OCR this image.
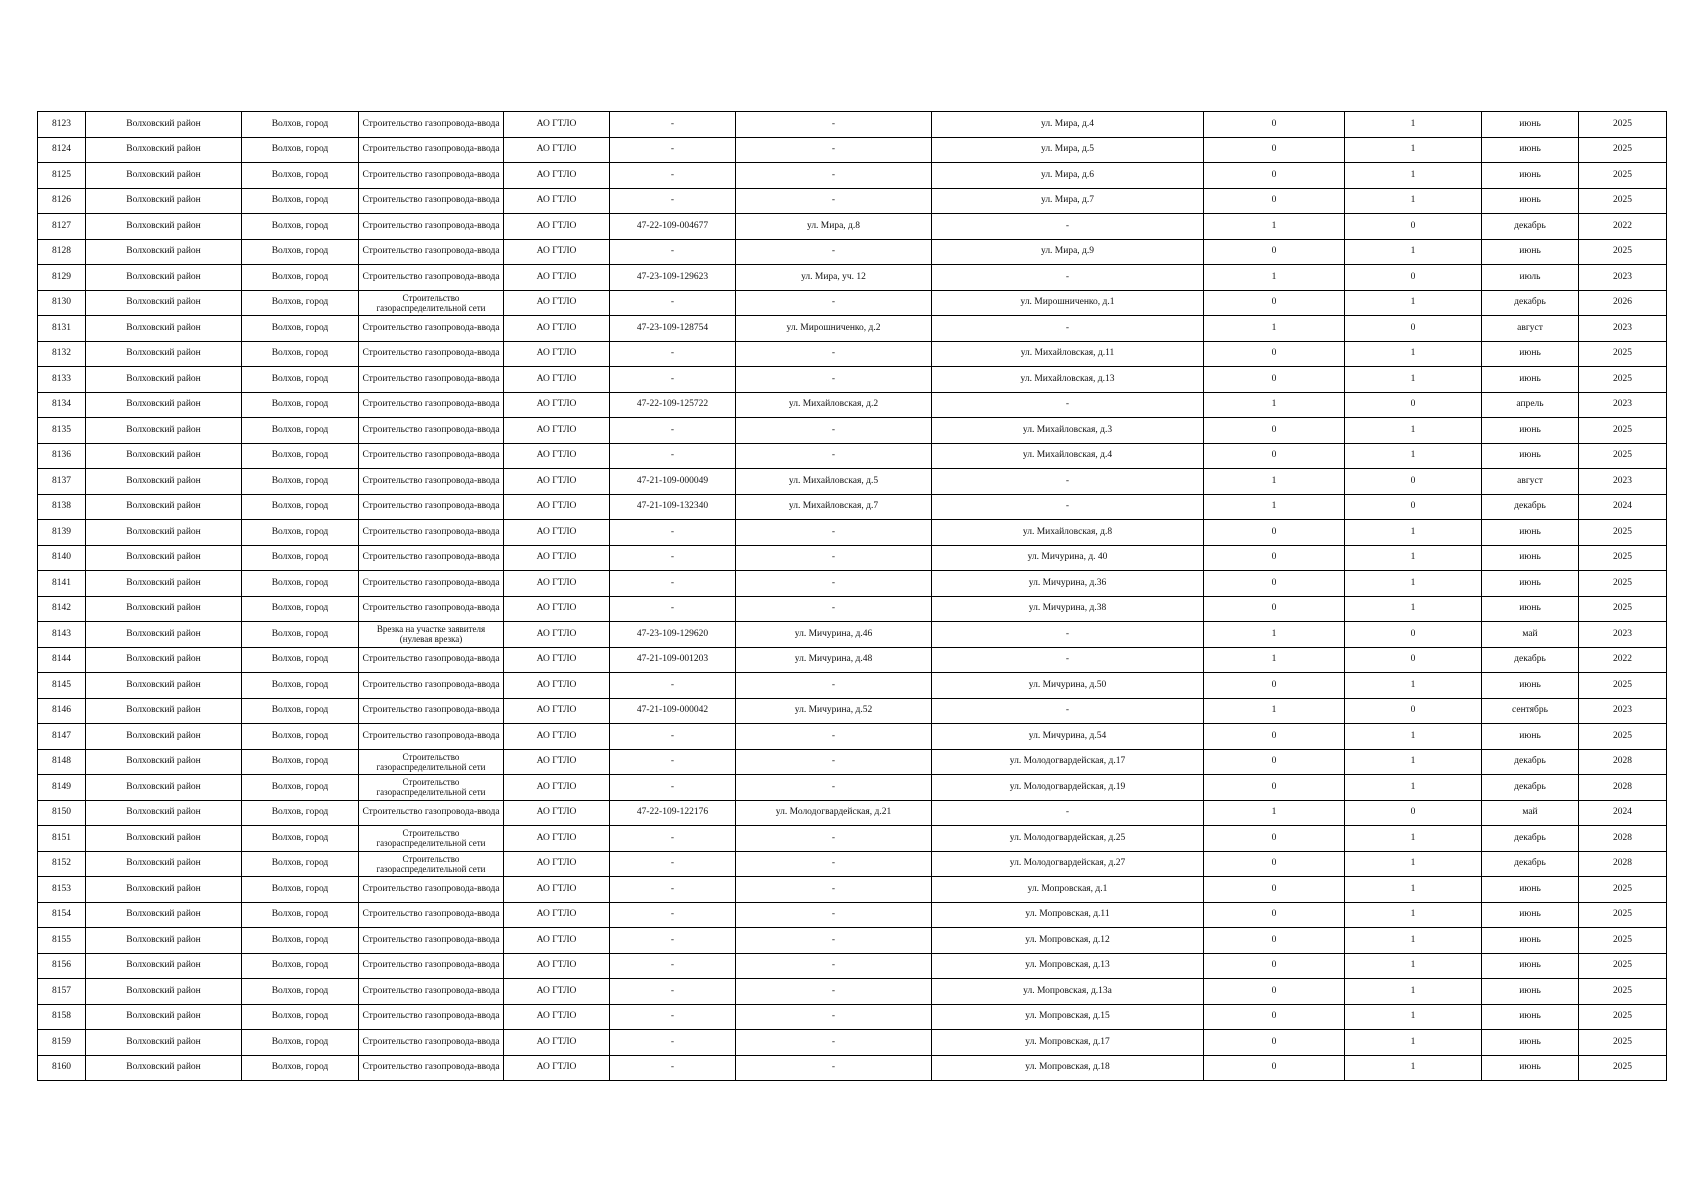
8123	Волховский район	Волхов, город	Строительство газопровода-ввода	АО ГТЛО	-	-	ул. Мира, д.4	0	1	июнь	2025
8124	Волховский район	Волхов, город	Строительство газопровода-ввода	АО ГТЛО	-	-	ул. Мира, д.5	0	1	июнь	2025
8125	Волховский район	Волхов, город	Строительство газопровода-ввода	АО ГТЛО	-	-	ул. Мира, д.6	0	1	июнь	2025
8126	Волховский район	Волхов, город	Строительство газопровода-ввода	АО ГТЛО	-	-	ул. Мира, д.7	0	1	июнь	2025
8127	Волховский район	Волхов, город	Строительство газопровода-ввода	АО ГТЛО	47-22-109-004677	ул. Мира, д.8	-	1	0	декабрь	2022
8128	Волховский район	Волхов, город	Строительство газопровода-ввода	АО ГТЛО	-	-	ул. Мира, д.9	0	1	июнь	2025
8129	Волховский район	Волхов, город	Строительство газопровода-ввода	АО ГТЛО	47-23-109-129623	ул. Мира, уч. 12	-	1	0	июль	2023
8130	Волховский район	Волхов, город	Строительство газораспределительной сети	АО ГТЛО	-	-	ул. Мирошниченко, д.1	0	1	декабрь	2026
8131	Волховский район	Волхов, город	Строительство газопровода-ввода	АО ГТЛО	47-23-109-128754	ул. Мирошниченко, д.2	-	1	0	август	2023
8132	Волховский район	Волхов, город	Строительство газопровода-ввода	АО ГТЛО	-	-	ул. Михайловская, д.11	0	1	июнь	2025
8133	Волховский район	Волхов, город	Строительство газопровода-ввода	АО ГТЛО	-	-	ул. Михайловская, д.13	0	1	июнь	2025
8134	Волховский район	Волхов, город	Строительство газопровода-ввода	АО ГТЛО	47-22-109-125722	ул. Михайловская, д.2	-	1	0	апрель	2023
8135	Волховский район	Волхов, город	Строительство газопровода-ввода	АО ГТЛО	-	-	ул. Михайловская, д.3	0	1	июнь	2025
8136	Волховский район	Волхов, город	Строительство газопровода-ввода	АО ГТЛО	-	-	ул. Михайловская, д.4	0	1	июнь	2025
8137	Волховский район	Волхов, город	Строительство газопровода-ввода	АО ГТЛО	47-21-109-000049	ул. Михайловская, д.5	-	1	0	август	2023
8138	Волховский район	Волхов, город	Строительство газопровода-ввода	АО ГТЛО	47-21-109-132340	ул. Михайловская, д.7	-	1	0	декабрь	2024
8139	Волховский район	Волхов, город	Строительство газопровода-ввода	АО ГТЛО	-	-	ул. Михайловская, д.8	0	1	июнь	2025
8140	Волховский район	Волхов, город	Строительство газопровода-ввода	АО ГТЛО	-	-	ул. Мичурина, д. 40	0	1	июнь	2025
8141	Волховский район	Волхов, город	Строительство газопровода-ввода	АО ГТЛО	-	-	ул. Мичурина, д.36	0	1	июнь	2025
8142	Волховский район	Волхов, город	Строительство газопровода-ввода	АО ГТЛО	-	-	ул. Мичурина, д.38	0	1	июнь	2025
8143	Волховский район	Волхов, город	Врезка на участке заявителя (нулевая врезка)	АО ГТЛО	47-23-109-129620	ул. Мичурина, д.46	-	1	0	май	2023
8144	Волховский район	Волхов, город	Строительство газопровода-ввода	АО ГТЛО	47-21-109-001203	ул. Мичурина, д.48	-	1	0	декабрь	2022
8145	Волховский район	Волхов, город	Строительство газопровода-ввода	АО ГТЛО	-	-	ул. Мичурина, д.50	0	1	июнь	2025
8146	Волховский район	Волхов, город	Строительство газопровода-ввода	АО ГТЛО	47-21-109-000042	ул. Мичурина, д.52	-	1	0	сентябрь	2023
8147	Волховский район	Волхов, город	Строительство газопровода-ввода	АО ГТЛО	-	-	ул. Мичурина, д.54	0	1	июнь	2025
8148	Волховский район	Волхов, город	Строительство газораспределительной сети	АО ГТЛО	-	-	ул. Молодогвардейская, д.17	0	1	декабрь	2028
8149	Волховский район	Волхов, город	Строительство газораспределительной сети	АО ГТЛО	-	-	ул. Молодогвардейская, д.19	0	1	декабрь	2028
8150	Волховский район	Волхов, город	Строительство газопровода-ввода	АО ГТЛО	47-22-109-122176	ул. Молодогвардейская, д.21	-	1	0	май	2024
8151	Волховский район	Волхов, город	Строительство газораспределительной сети	АО ГТЛО	-	-	ул. Молодогвардейская, д.25	0	1	декабрь	2028
8152	Волховский район	Волхов, город	Строительство газораспределительной сети	АО ГТЛО	-	-	ул. Молодогвардейская, д.27	0	1	декабрь	2028
8153	Волховский район	Волхов, город	Строительство газопровода-ввода	АО ГТЛО	-	-	ул. Мопровская, д.1	0	1	июнь	2025
8154	Волховский район	Волхов, город	Строительство газопровода-ввода	АО ГТЛО	-	-	ул. Мопровская, д.11	0	1	июнь	2025
8155	Волховский район	Волхов, город	Строительство газопровода-ввода	АО ГТЛО	-	-	ул. Мопровская, д.12	0	1	июнь	2025
8156	Волховский район	Волхов, город	Строительство газопровода-ввода	АО ГТЛО	-	-	ул. Мопровская, д.13	0	1	июнь	2025
8157	Волховский район	Волхов, город	Строительство газопровода-ввода	АО ГТЛО	-	-	ул. Мопровская, д.13а	0	1	июнь	2025
8158	Волховский район	Волхов, город	Строительство газопровода-ввода	АО ГТЛО	-	-	ул. Мопровская, д.15	0	1	июнь	2025
8159	Волховский район	Волхов, город	Строительство газопровода-ввода	АО ГТЛО	-	-	ул. Мопровская, д.17	0	1	июнь	2025
8160	Волховский район	Волхов, город	Строительство газопровода-ввода	АО ГТЛО	-	-	ул. Мопровская, д.18	0	1	июнь	2025
